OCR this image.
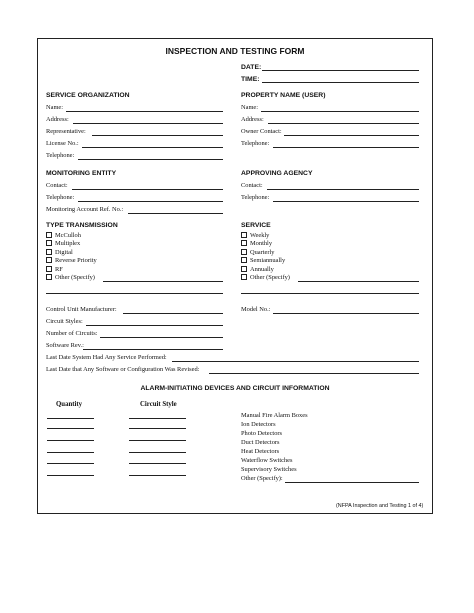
INSPECTION AND TESTING FORM
DATE:
TIME:
SERVICE ORGANIZATION
Name:
Address:
Representative:
License No.:
Telephone:
PROPERTY NAME (USER)
Name:
Address:
Owner Contact:
Telephone:
MONITORING ENTITY
Contact:
Telephone:
Monitoring Account Ref. No.:
APPROVING AGENCY
Contact:
Telephone:
TYPE TRANSMISSION
McCulloh
Multiplex
Digital
Reverse Priority
RF
Other (Specify)
SERVICE
Weekly
Monthly
Quarterly
Semiannually
Annually
Other (Specify)
Control Unit Manufacturer:	Model No.:
Circuit Styles:
Number of Circuits:
Software Rev.:
Last Date System Had Any Service Performed:
Last Date that Any Software or Configuration Was Revised:
ALARM-INITIATING DEVICES AND CIRCUIT INFORMATION
Quantity	Circuit Style
Manual Fire Alarm Boxes
Ion Detectors
Photo Detectors
Duct Detectors
Heat Detectors
Waterflow Switches
Supervisory Switches
Other (Specify):
(NFPA Inspection and Testing 1 of 4)
